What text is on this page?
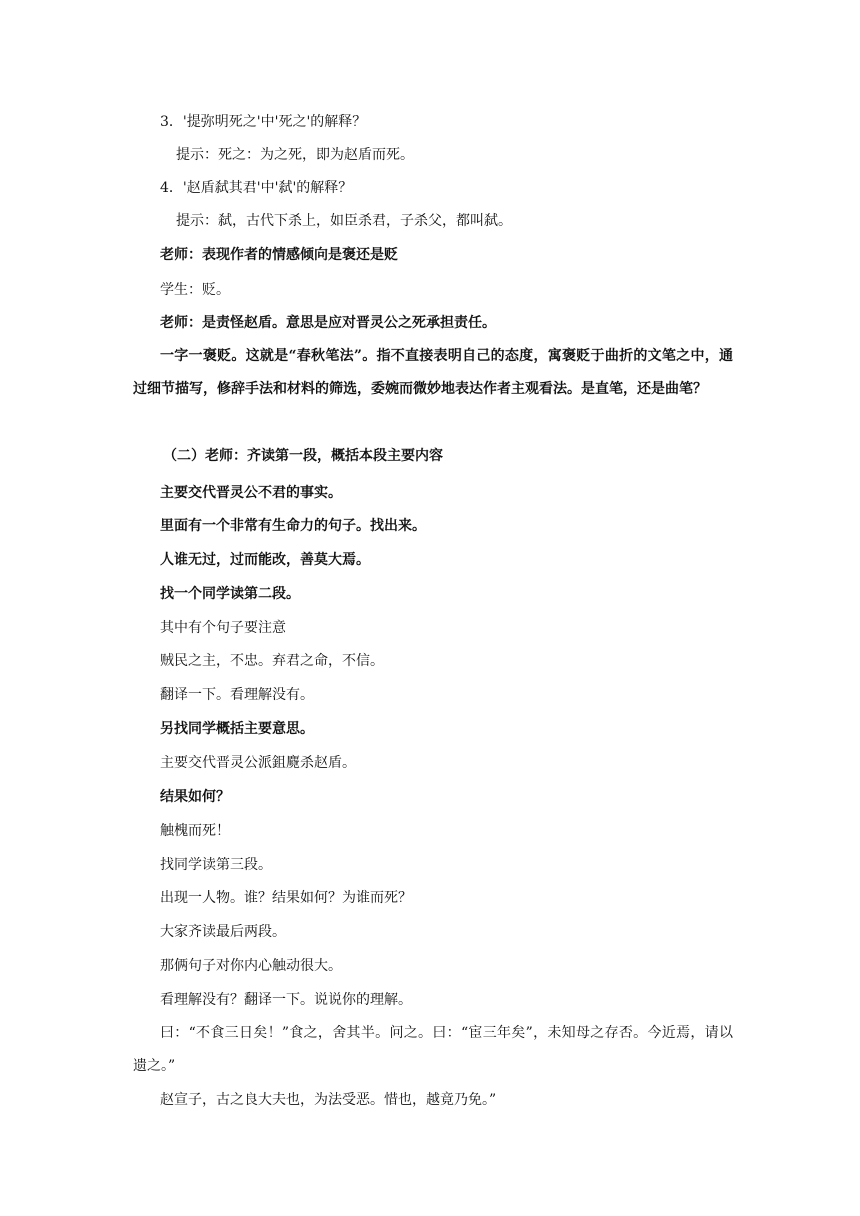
3．'提弥明死之'中'死之'的解释？
提示：死之：为之死，即为赵盾而死。
4．'赵盾弑其君'中'弑'的解释？
提示：弑，古代下杀上，如臣杀君，子杀父，都叫弑。
老师：表现作者的情感倾向是褒还是贬
学生：贬。
老师：是责怪赵盾。意思是应对晋灵公之死承担责任。
一字一褒贬。这就是“春秋笔法”。指不直接表明自己的态度，寓褒贬于曲折的文笔之中，通过细节描写，修辞手法和材料的筛选，委婉而微妙地表达作者主观看法。是直笔，还是曲笔？
（二）老师：齐读第一段，概括本段主要内容
主要交代晋灵公不君的事实。
里面有一个非常有生命力的句子。找出来。
人谁无过，过而能改，善莫大焉。
找一个同学读第二段。
其中有个句子要注意
贼民之主，不忠。弃君之命，不信。
翻译一下。看理解没有。
另找同学概括主要意思。
主要交代晋灵公派鉏麑杀赵盾。
结果如何？
触槐而死！
找同学读第三段。
出现一人物。谁？结果如何？为谁而死？
大家齐读最后两段。
那俩句子对你内心触动很大。
看理解没有？翻译一下。说说你的理解。
曰：“不食三日矣！”食之，舍其半。问之。曰：“宦三年矣”，未知母之存否。今近焉，请以遗之。”
赵宣子，古之良大夫也，为法受恶。惜也，越竟乃免。”
